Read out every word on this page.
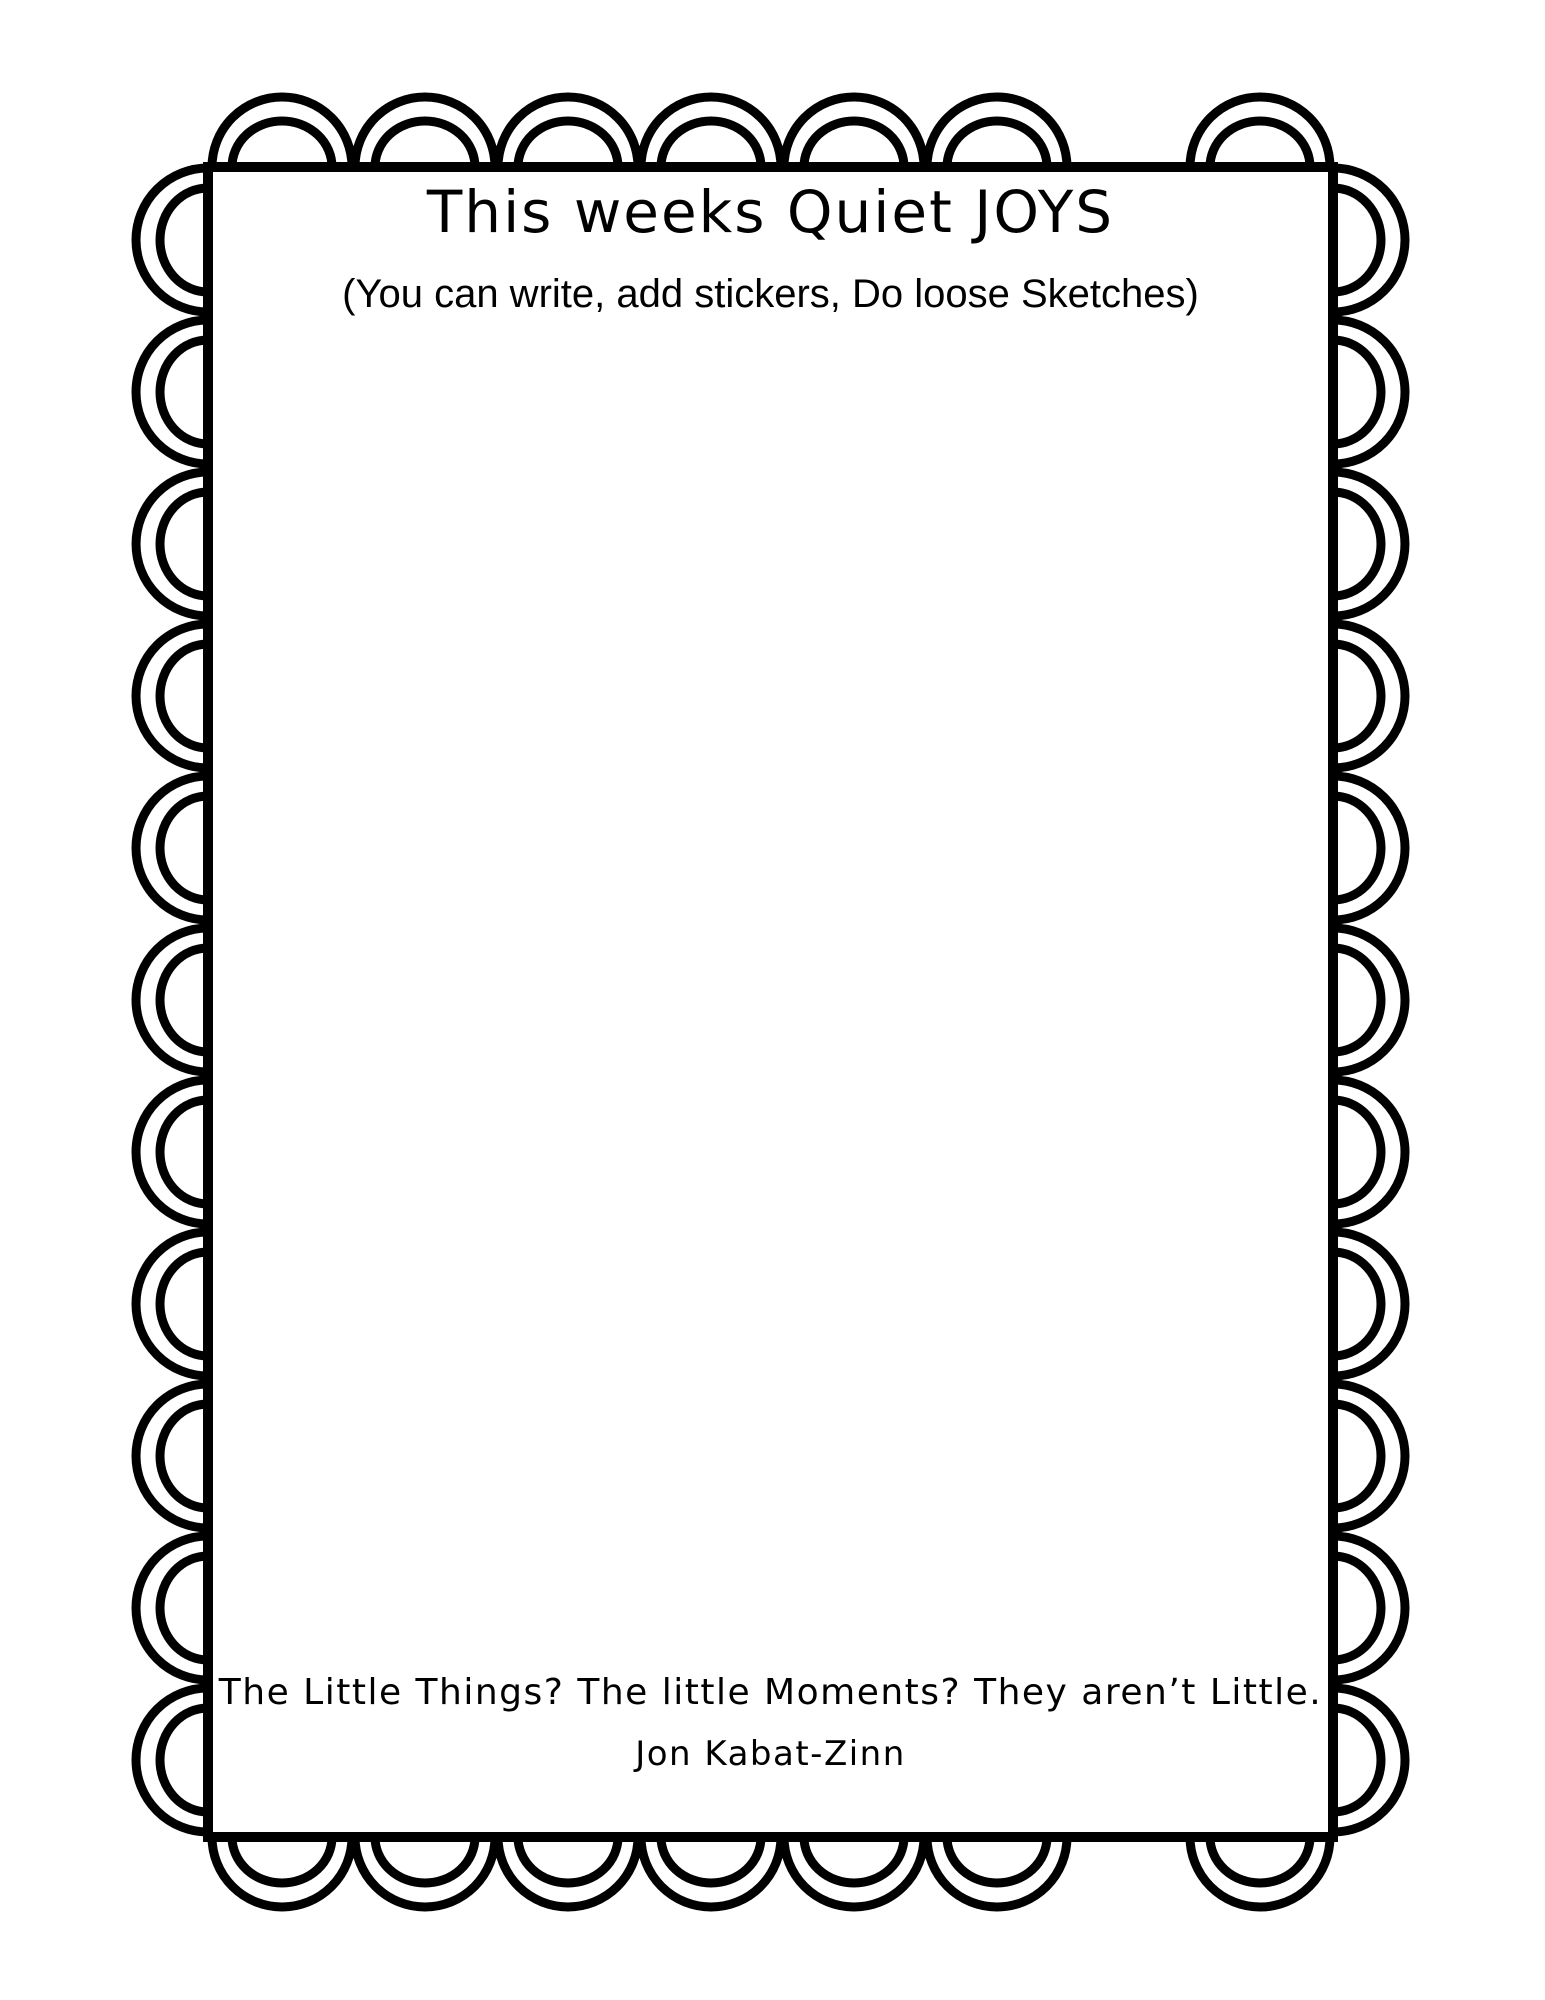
This weeks Quiet JOYS

(You can write, add stickers, Do loose Sketches)

The Little Things? The little Moments? They aren’t Little.

Jon Kabat-Zinn
